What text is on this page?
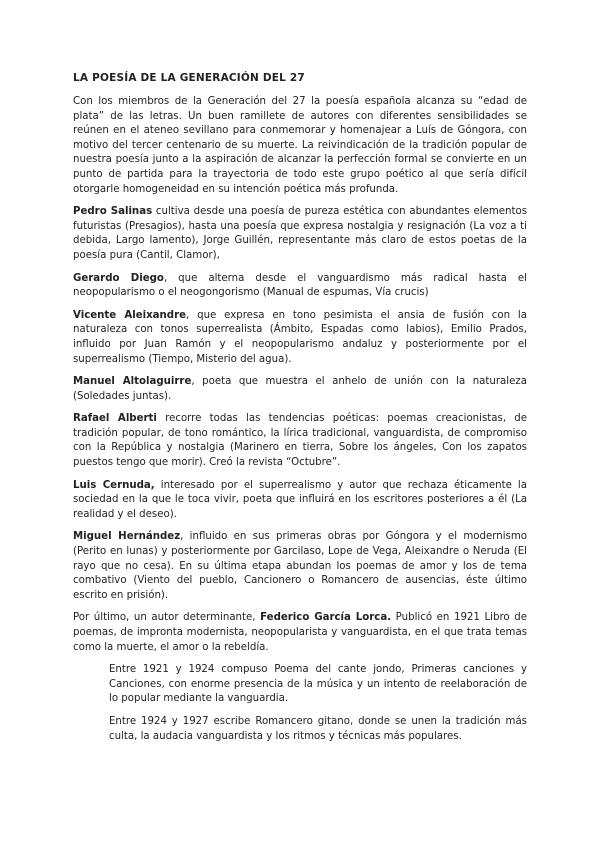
LA POESÍA DE LA GENERACIÓN DEL 27

Con los miembros de la Generación del 27 la poesía española alcanza su “edad de plata” de las letras. Un buen ramillete de autores con diferentes sensibilidades se reúnen en el ateneo sevillano para conmemorar y homenajear a Luís de Góngora, con motivo del tercer centenario de su muerte. La reivindicación de la tradición popular de nuestra poesía junto a la aspiración de alcanzar la perfección formal se convierte en un punto de partida para la trayectoria de todo este grupo poético al que sería difícil otorgarle homogeneidad en su intención poética más profunda.

Pedro Salinas cultiva desde una poesía de pureza estética con abundantes elementos futuristas (Presagios), hasta una poesía que expresa nostalgia y resignación (La voz a ti debida, Largo lamento), Jorge Guillén, representante más claro de estos poetas de la poesía pura (Cantil, Clamor),

Gerardo Diego, que alterna desde el vanguardismo más radical hasta el neopopularismo o el neogongorismo (Manual de espumas, Vía crucis)

Vicente Aleixandre, que expresa en tono pesimista el ansia de fusión con la naturaleza con tonos superrealista (Ámbito, Espadas como labios), Emilio Prados, influido por Juan Ramón y el neopopularismo andaluz y posteriormente por el superrealismo (Tiempo, Misterio del agua).

Manuel Altolaguirre, poeta que muestra el anhelo de unión con la naturaleza (Soledades juntas).

Rafael Alberti recorre todas las tendencias poéticas: poemas creacionistas, de tradición popular, de tono romántico, la lírica tradicional, vanguardista, de compromiso con la República y nostalgia (Marinero en tierra, Sobre los ángeles, Con los zapatos puestos tengo que morir). Creó la revista “Octubre”.

Luis Cernuda, interesado por el superrealismo y autor que rechaza éticamente la sociedad en la que le toca vivir, poeta que influirá en los escritores posteriores a él (La realidad y el deseo).

Miguel Hernández, influido en sus primeras obras por Góngora y el modernismo (Perito en lunas) y posteriormente por Garcilaso, Lope de Vega, Aleixandre o Neruda (El rayo que no cesa). En su última etapa abundan los poemas de amor y los de tema combativo (Viento del pueblo, Cancionero o Romancero de ausencias, éste último escrito en prisión).

Por último, un autor determinante, Federico García Lorca. Publicó en 1921 Libro de poemas, de impronta modernista, neopopularista y vanguardista, en el que trata temas como la muerte, el amor o la rebeldía.

Entre 1921 y 1924 compuso Poema del cante jondo, Primeras canciones y Canciones, con enorme presencia de la música y un intento de reelaboración de lo popular mediante la vanguardia.

Entre 1924 y 1927 escribe Romancero gitano, donde se unen la tradición más culta, la audacia vanguardista y los ritmos y técnicas más populares.
